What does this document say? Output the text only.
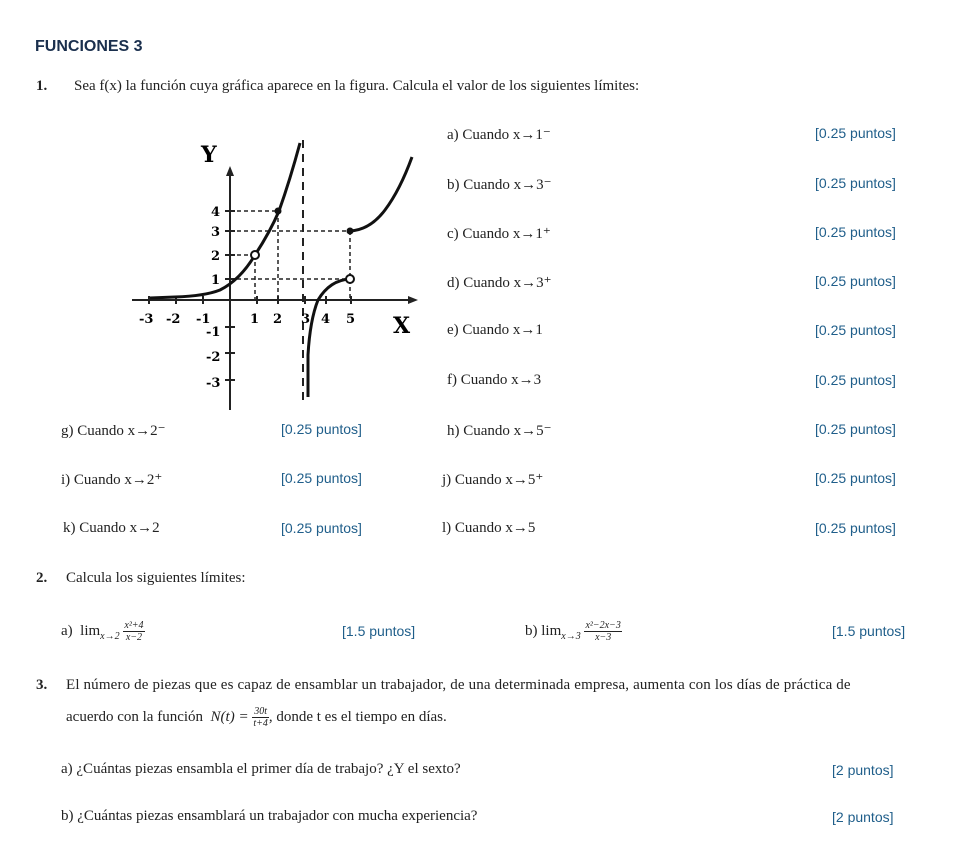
FUNCIONES 3
1. Sea f(x) la función cuya gráfica aparece en la figura. Calcula el valor de los siguientes límites:
Y
X
-3 -2 -1	1 2 3 4 5
4
3
2
1
-1
-2
-3
a) Cuando x→1⁻	[0.25 puntos]
b) Cuando x→3⁻	[0.25 puntos]
c) Cuando x→1⁺	[0.25 puntos]
d) Cuando x→3⁺	[0.25 puntos]
e) Cuando x→1	[0.25 puntos]
f) Cuando x→3	[0.25 puntos]
g) Cuando x→2⁻	[0.25 puntos]	h) Cuando x→5⁻	[0.25 puntos]
i) Cuando x→2⁺	[0.25 puntos]	j) Cuando x→5⁺	[0.25 puntos]
k) Cuando x→2	[0.25 puntos]	l) Cuando x→5	[0.25 puntos]
2. Calcula los siguientes límites:
a) $\lim_{x\to 2} \frac{\text{x²+4}}{x-2}$	[1.5 puntos]	b) $\lim_{x\to 3} \frac{\text{x²−2x−3}}{x-3}$	[1.5 puntos]
3. El número de piezas que es capaz de ensamblar un trabajador, de una determinada empresa, aumenta con los días de práctica de
acuerdo con la función $N(t) = \frac{30t}{t+4}$ , donde t es el tiempo en días.
a) ¿Cuántas piezas ensambla el primer día de trabajo? ¿Y el sexto?	[2 puntos]
b) ¿Cuántas piezas ensamblará un trabajador con mucha experiencia?	[2 puntos]
